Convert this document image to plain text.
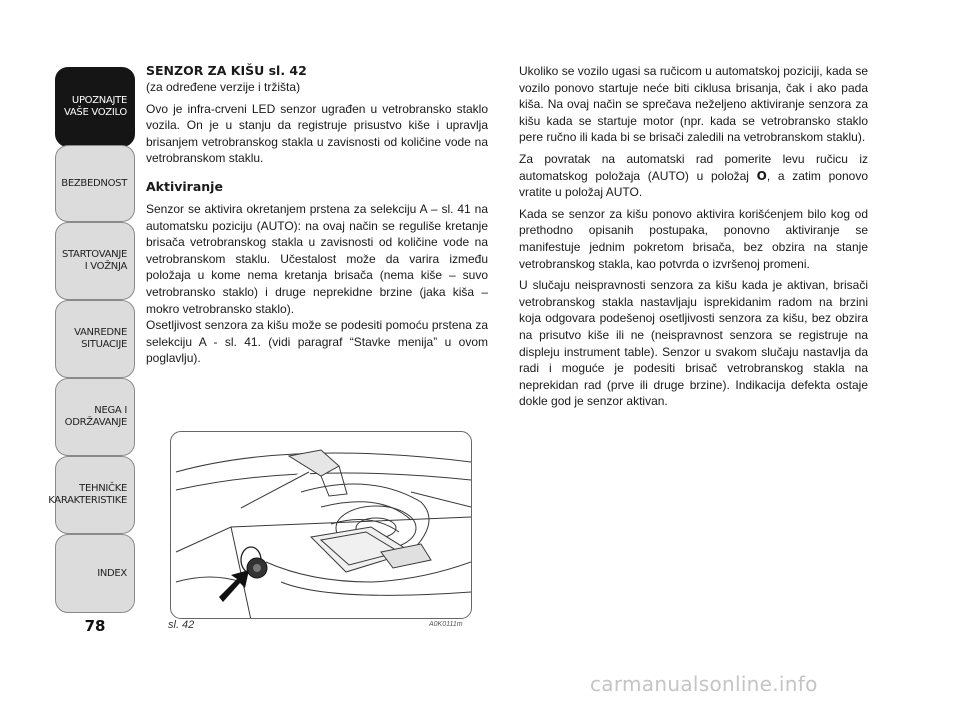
UPOZNAJTE
VAŠE VOZILO
BEZBEDNOST
STARTOVANJE
I VOŽNJA
VANREDNE
SITUACIJE
NEGA I
ODRŽAVANJE
TEHNIČKE
KARAKTERISTIKE
INDEX
78
SENZOR ZA KIŠU sl. 42

(za određene verzije i tržišta)

Ovo je infra-crveni LED senzor ugrađen u vetrobransko staklo vozila. On je u stanju da registruje prisustvo kiše i upravlja brisanjem vetrobranskog stakla u zavisnosti od količine vode na vetrobranskom staklu.

Aktiviranje

Senzor se aktivira okretanjem prstena za selekciju A – sl. 41 na automatsku poziciju (AUTO): na ovaj način se reguliše kretanje brisača vetrobranskog stakla u zavisnosti od količine vode na vetrobranskom staklu. Učestalost može da varira između položaja u kome nema kretanja brisača (nema kiše – suvo vetrobransko staklo) i druge neprekidne brzine (jaka kiša – mokro vetrobransko staklo).

Osetljivost senzora za kišu može se podesiti pomoću prstena za selekciju A - sl. 41. (vidi paragraf “Stavke menija” u ovom poglavlju).

Ukoliko se vozilo ugasi sa ručicom u automatskoj poziciji, kada se vozilo ponovo startuje neće biti ciklusa brisanja, čak i ako pada kiša. Na ovaj način se sprečava neželjeno aktiviranje senzora za kišu kada se startuje motor (npr. kada se vetrobransko staklo pere ručno ili kada bi se brisači zaledili na vetrobranskom staklu).

Za povratak na automatski rad pomerite levu ručicu iz automatskog položaja (AUTO) u položaj O, a zatim ponovo vratite u položaj AUTO.

Kada se senzor za kišu ponovo aktivira korišćenjem bilo kog od prethodno opisanih postupaka, ponovno aktiviranje se manifestuje jednim pokretom brisača, bez obzira na stanje vetrobranskog stakla, kao potvrda o izvršenoj promeni.

U slučaju neispravnosti senzora za kišu kada je aktivan, brisači vetrobranskog stakla nastavljaju isprekidanim radom na brzini koja odgovara podešenoj osetljivosti senzora za kišu, bez obzira na prisutvo kiše ili ne (neispravnost senzora se registruje na displeju instrument table). Senzor u svakom slučaju nastavlja da radi i moguće je podesiti brisač vetrobranskog stakla na neprekidan rad (prve ili druge brzine). Indikacija defekta ostaje dokle god je senzor aktivan.

sl. 42	A0K0111m
carmanualsonline.info
